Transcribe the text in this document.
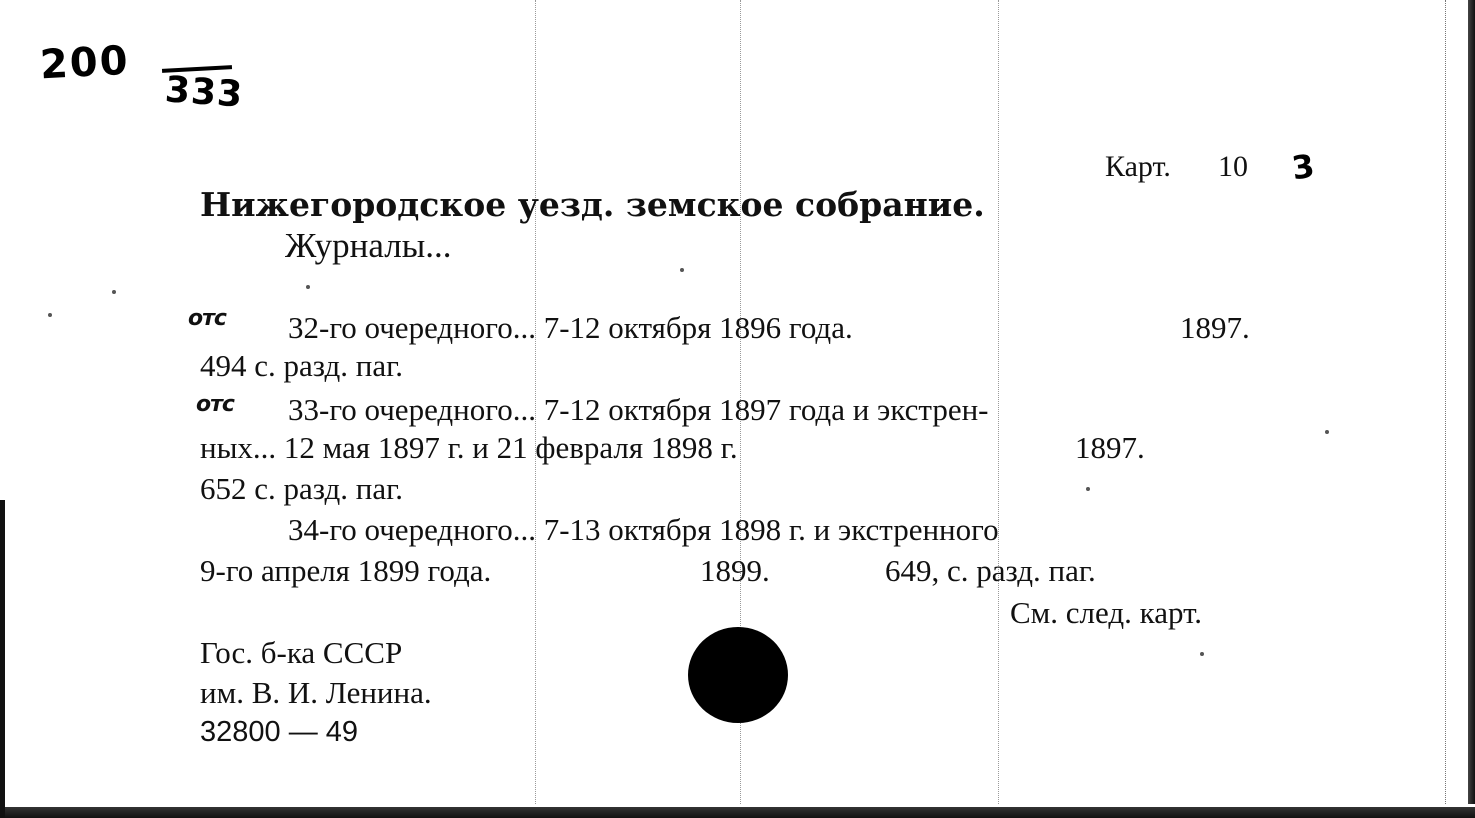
200
333
Карт. 10 3
Нижегородское уезд. земское собрание.
Журналы...
отс 32-го очередного... 7-12 октября 1896 года.	1897.
494 с. разд. паг.
отс 33-го очередного... 7-12 октября 1897 года и экстрен-
ных... 12 мая 1897 г. и 21 февраля 1898 г.	1897.
652 с. разд. паг.
34-го очередного... 7-13 октября 1898 г. и экстренного
9-го апреля 1899 года.	1899.	649, с. разд. паг.
См. след. карт.
Гос. б-ка СССР
им. В. И. Ленина.
32800 — 49
